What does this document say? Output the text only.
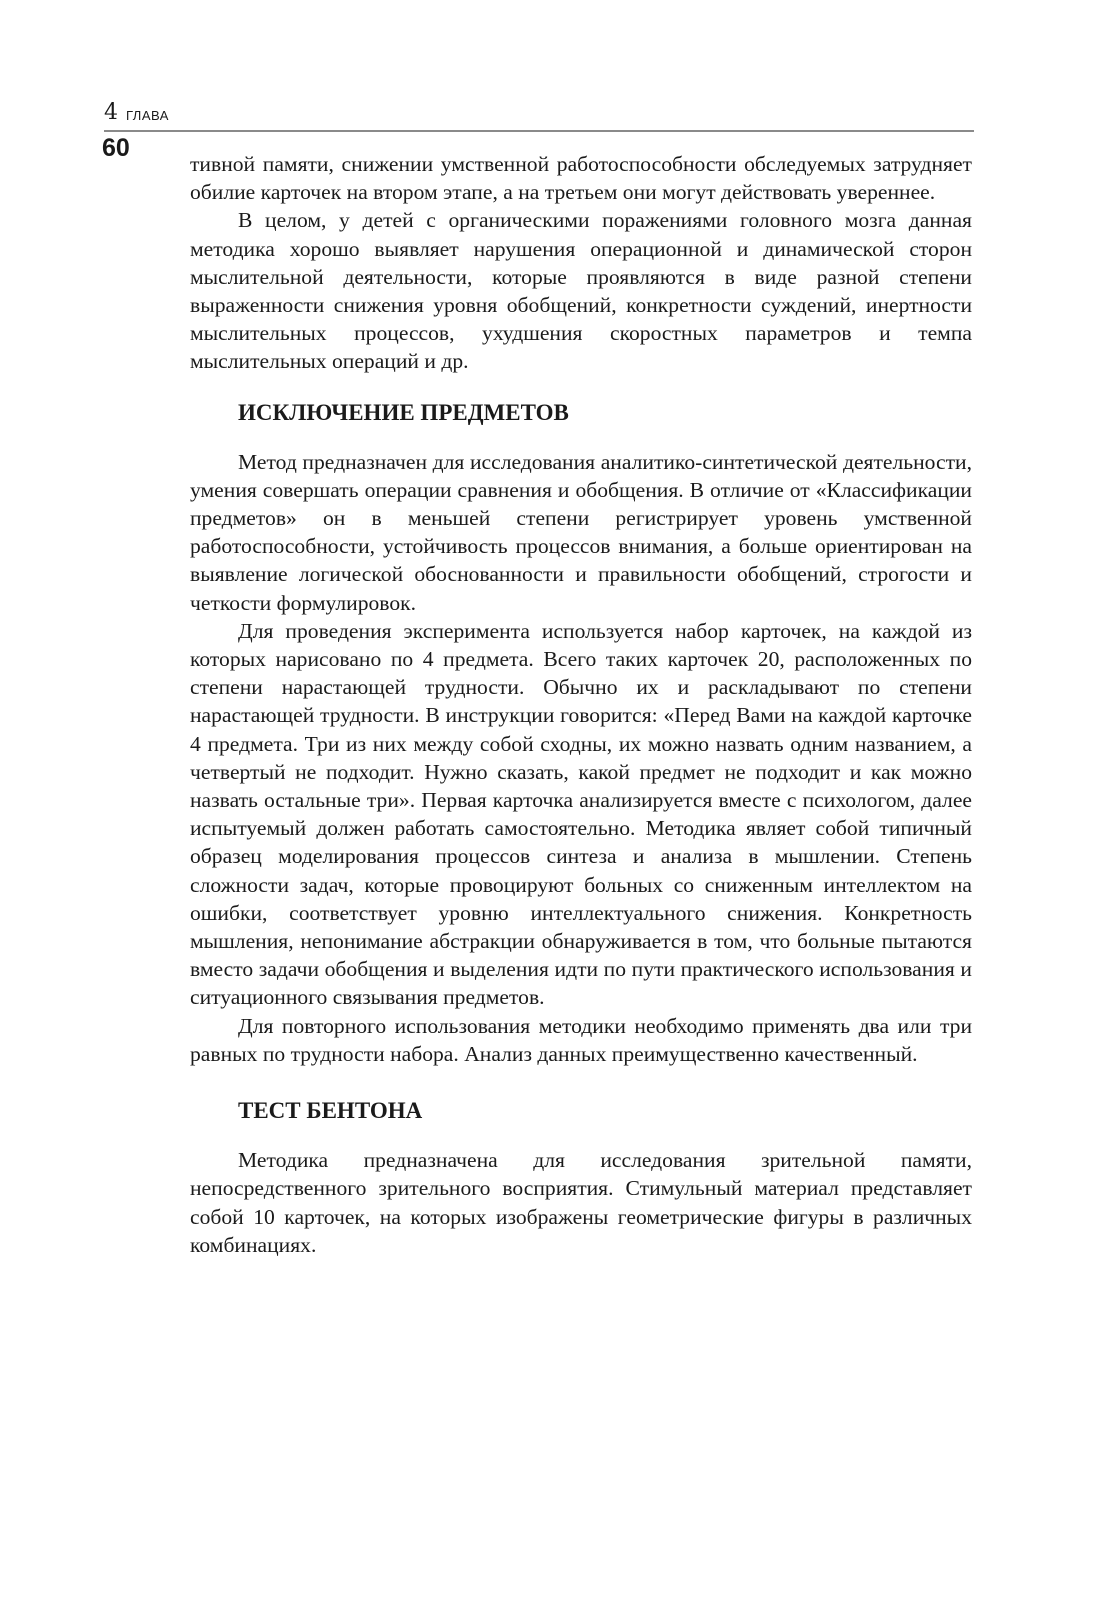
4 ГЛАВА
60

тивной памяти, снижении умственной работоспособности обследуемых затрудняет обилие карточек на втором этапе, а на третьем они могут действовать увереннее.

В целом, у детей с органическими поражениями головного мозга данная методика хорошо выявляет нарушения операционной и динамической сторон мыслительной деятельности, которые проявляются в виде разной степени выраженности снижения уровня обобщений, конкретности суждений, инертности мыслительных процессов, ухудшения скоростных параметров и темпа мыслительных операций и др.

ИСКЛЮЧЕНИЕ ПРЕДМЕТОВ

Метод предназначен для исследования аналитико-синтетической деятельности, умения совершать операции сравнения и обобщения. В отличие от «Классификации предметов» он в меньшей степени регистрирует уровень умственной работоспособности, устойчивость процессов внимания, а больше ориентирован на выявление логической обоснованности и правильности обобщений, строгости и четкости формулировок.

Для проведения эксперимента используется набор карточек, на каждой из которых нарисовано по 4 предмета. Всего таких карточек 20, расположенных по степени нарастающей трудности. Обычно их и раскладывают по степени нарастающей трудности. В инструкции говорится: «Перед Вами на каждой карточке 4 предмета. Три из них между собой сходны, их можно назвать одним названием, а четвертый не подходит. Нужно сказать, какой предмет не подходит и как можно назвать остальные три». Первая карточка анализируется вместе с психологом, далее испытуемый должен работать самостоятельно. Методика являет собой типичный образец моделирования процессов синтеза и анализа в мышлении. Степень сложности задач, которые провоцируют больных со сниженным интеллектом на ошибки, соответствует уровню интеллектуального снижения. Конкретность мышления, непонимание абстракции обнаруживается в том, что больные пытаются вместо задачи обобщения и выделения идти по пути практического использования и ситуационного связывания предметов.

Для повторного использования методики необходимо применять два или три равных по трудности набора. Анализ данных преимущественно качественный.

ТЕСТ БЕНТОНА

Методика предназначена для исследования зрительной памяти, непосредственного зрительного восприятия. Стимульный материал представляет собой 10 карточек, на которых изображены геометрические фигуры в различных комбинациях.
